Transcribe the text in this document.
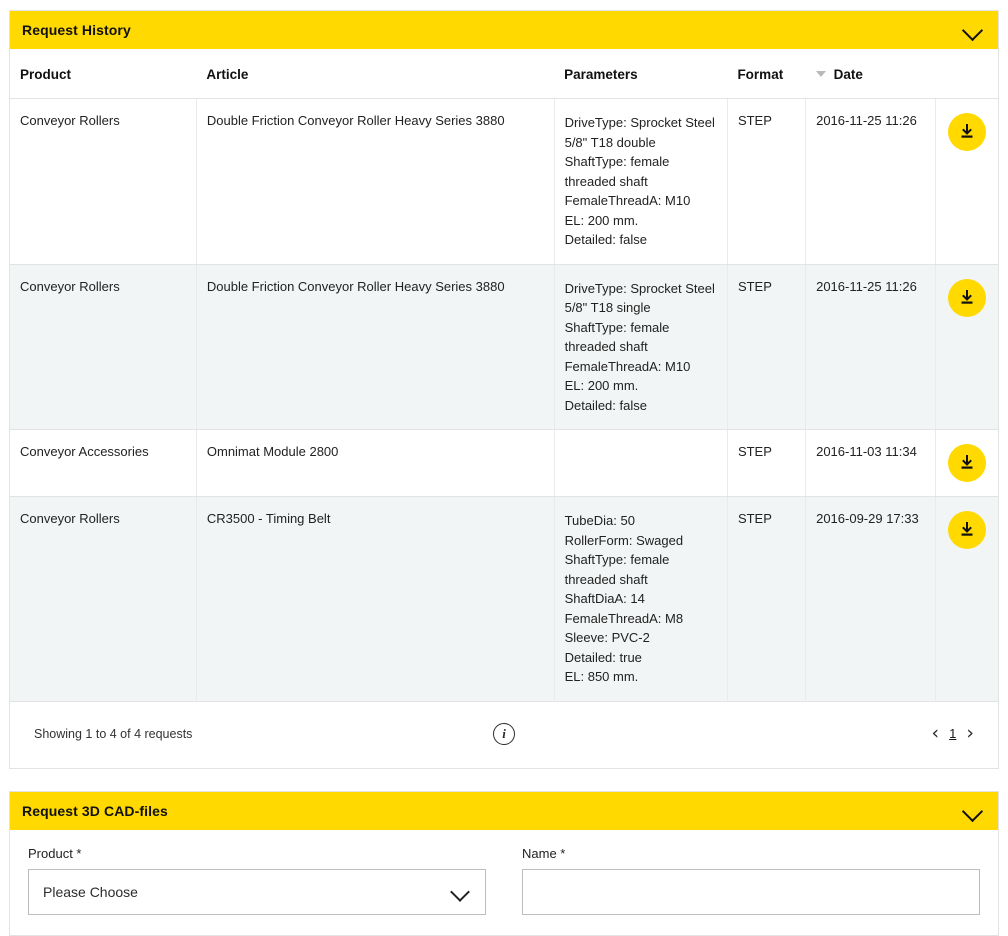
Request History
Product	Article	Parameters	Format	Date	
Conveyor Rollers	Double Friction Conveyor Roller Heavy Series 3880	DriveType: Sprocket Steel 5/8" T18 double
ShaftType: female threaded shaft
FemaleThreadA: M10
EL: 200 mm.
Detailed: false	STEP	2016-11-25 11:26	

Conveyor Rollers	Double Friction Conveyor Roller Heavy Series 3880	DriveType: Sprocket Steel 5/8" T18 single
ShaftType: female threaded shaft
FemaleThreadA: M10
EL: 200 mm.
Detailed: false	STEP	2016-11-25 11:26	

Conveyor Accessories	Omnimat Module 2800		STEP	2016-11-03 11:34	

Conveyor Rollers	CR3500 - Timing Belt	TubeDia: 50
RollerForm: Swaged
ShaftType: female threaded shaft
ShaftDiaA: 14
FemaleThreadA: M8
Sleeve: PVC-2
Detailed: true
EL: 850 mm.
	STEP	2016-09-29 17:33	
Showing 1 to 4 of 4 requests	i	‹ 1 ›
Request 3D CAD-files
Product *
Please Choose
Name *
